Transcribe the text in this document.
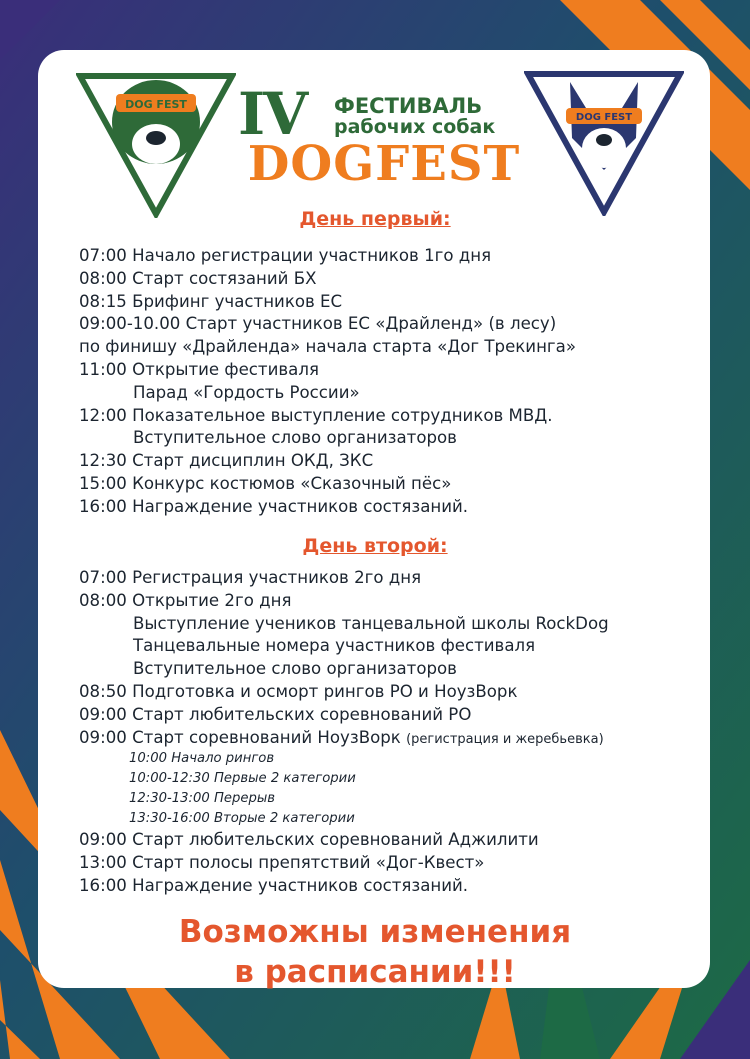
DOG FEST
DOG FEST
IV	ФЕСТИВАЛЬ
рабочих собак
DOGFEST
День первый:
07:00 Начало регистрации участников 1го дня
08:00 Старт состязаний БХ
08:15 Брифинг участников ЕС
09:00-10.00 Старт участников ЕС «Драйленд» (в лесу)
по финишу «Драйленда» начала старта «Дог Трекинга»
11:00 Открытие фестиваля
Парад «Гордость России»
12:00 Показательное выступление сотрудников МВД.
Вступительное слово организаторов
12:30 Старт дисциплин ОКД, ЗКС
15:00 Конкурс костюмов «Сказочный пёс»
16:00 Награждение участников состязаний.
День второй:
07:00 Регистрация участников 2го дня
08:00 Открытие 2го дня
Выступление учеников танцевальной школы RockDog
Танцевальные номера участников фестиваля
Вступительное слово организаторов
08:50 Подготовка и осморт рингов РО и НоузВорк
09:00 Старт любительских соревнований РО
09:00 Старт соревнований НоузВорк (регистрация и жеребьевка)
10:00 Начало рингов
10:00-12:30 Первые 2 категории
12:30-13:00 Перерыв
13:30-16:00 Вторые 2 категории
09:00 Старт любительских соревнований Аджилити
13:00 Старт полосы препятствий «Дог-Квест»
16:00 Награждение участников состязаний.
Возможны изменения
в расписании!!!
